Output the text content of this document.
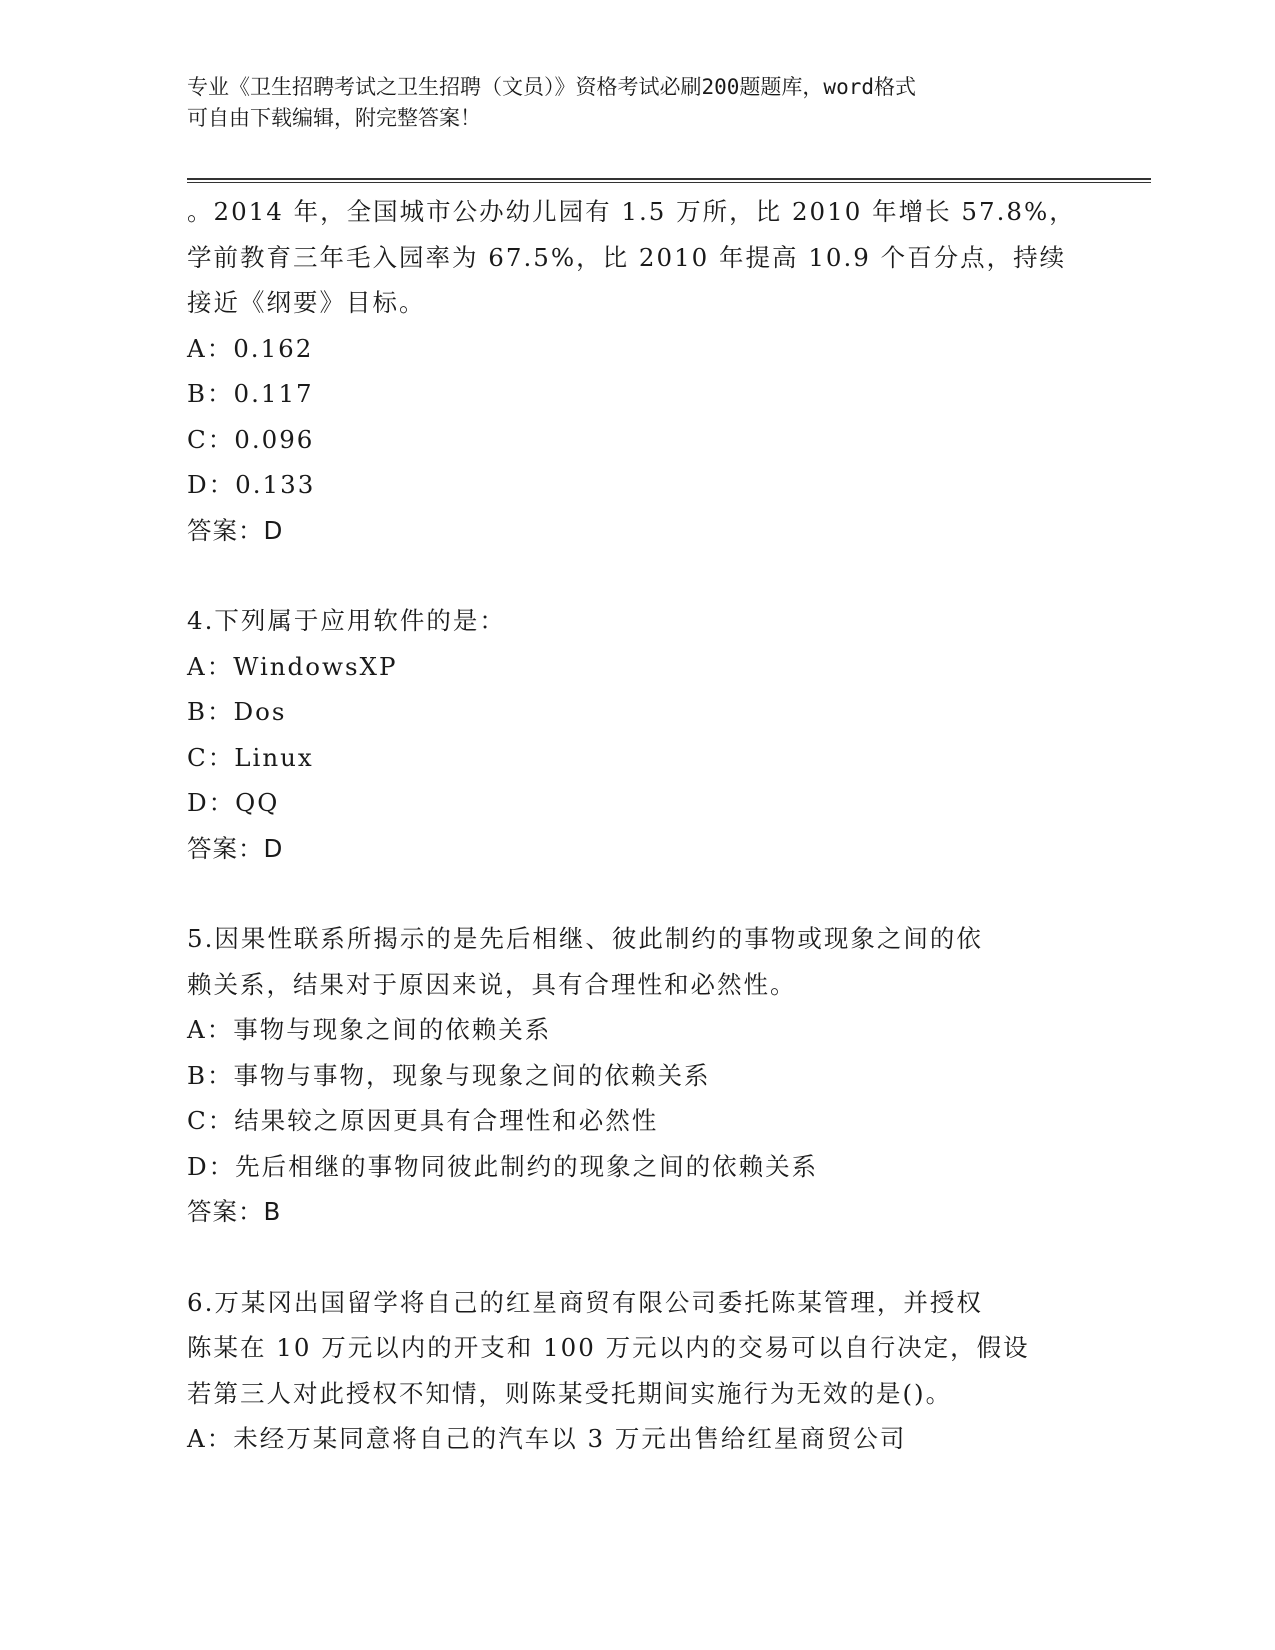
专业《卫生招聘考试之卫生招聘（文员）》资格考试必刷200题题库，word格式
可自由下载编辑，附完整答案！
。2014 年，全国城市公办幼儿园有 1.5 万所，比 2010 年增长 57.8%，
学前教育三年毛入园率为 67.5%，比 2010 年提高 10.9 个百分点，持续
接近《纲要》目标。
A：0.162
B：0.117
C：0.096
D：0.133
答案：D
4.下列属于应用软件的是：
A：WindowsXP
B：Dos
C：Linux
D：QQ
答案：D
5.因果性联系所揭示的是先后相继、彼此制约的事物或现象之间的依
赖关系，结果对于原因来说，具有合理性和必然性。
A：事物与现象之间的依赖关系
B：事物与事物，现象与现象之间的依赖关系
C：结果较之原因更具有合理性和必然性
D：先后相继的事物同彼此制约的现象之间的依赖关系
答案：B
6.万某冈出国留学将自己的红星商贸有限公司委托陈某管理，并授权
陈某在 10 万元以内的开支和 100 万元以内的交易可以自行决定，假设
若第三人对此授权不知情，则陈某受托期间实施行为无效的是()。
A：未经万某同意将自己的汽车以 3 万元出售给红星商贸公司
